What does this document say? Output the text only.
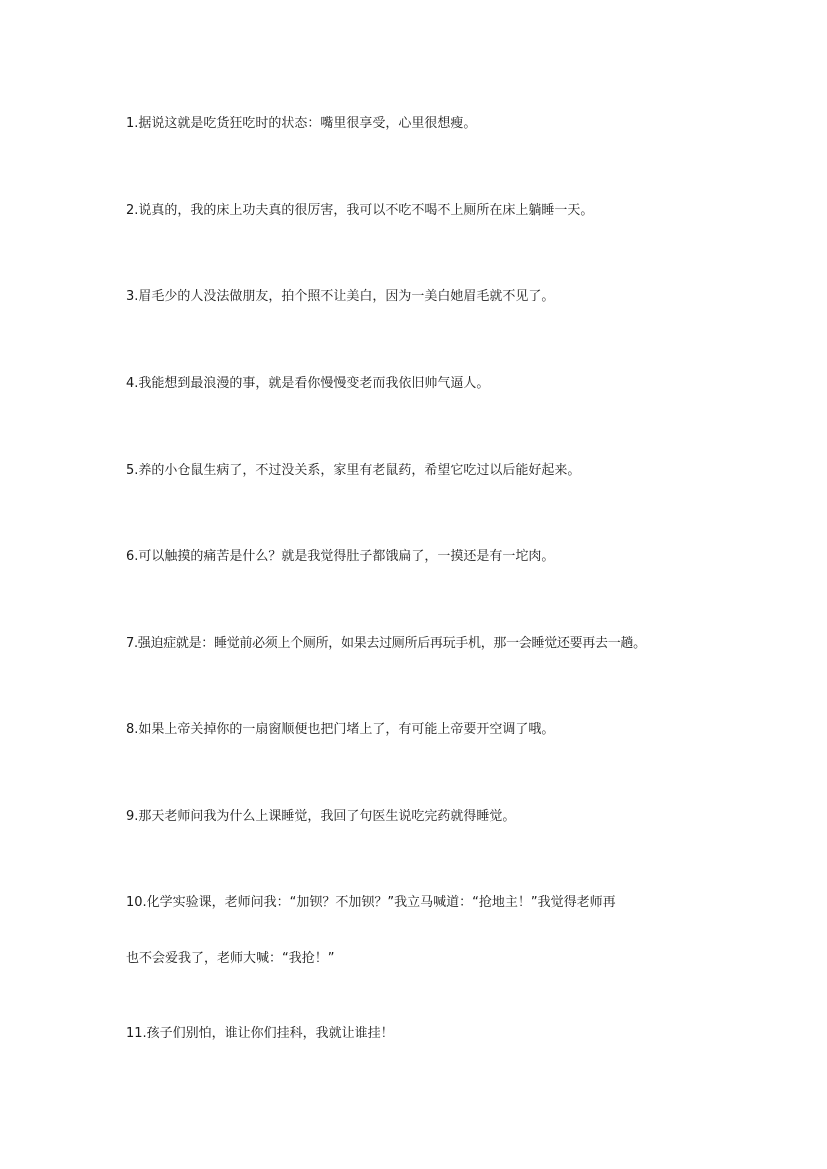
1.据说这就是吃货狂吃时的状态：嘴里很享受，心里很想瘦。
2.说真的，我的床上功夫真的很厉害，我可以不吃不喝不上厕所在床上躺睡一天。
3.眉毛少的人没法做朋友，拍个照不让美白，因为一美白她眉毛就不见了。
4.我能想到最浪漫的事，就是看你慢慢变老而我依旧帅气逼人。
5.养的小仓鼠生病了，不过没关系，家里有老鼠药，希望它吃过以后能好起来。
6.可以触摸的痛苦是什么？就是我觉得肚子都饿扁了，一摸还是有一坨肉。
7.强迫症就是：睡觉前必须上个厕所，如果去过厕所后再玩手机，那一会睡觉还要再去一趟。
8.如果上帝关掉你的一扇窗顺便也把门堵上了，有可能上帝要开空调了哦。
9.那天老师问我为什么上课睡觉，我回了句医生说吃完药就得睡觉。
10.化学实验课，老师问我：“加钡？不加钡？”我立马喊道：“抢地主！”我觉得老师再
也不会爱我了，老师大喊：“我抢！”
11.孩子们别怕，谁让你们挂科，我就让谁挂！
